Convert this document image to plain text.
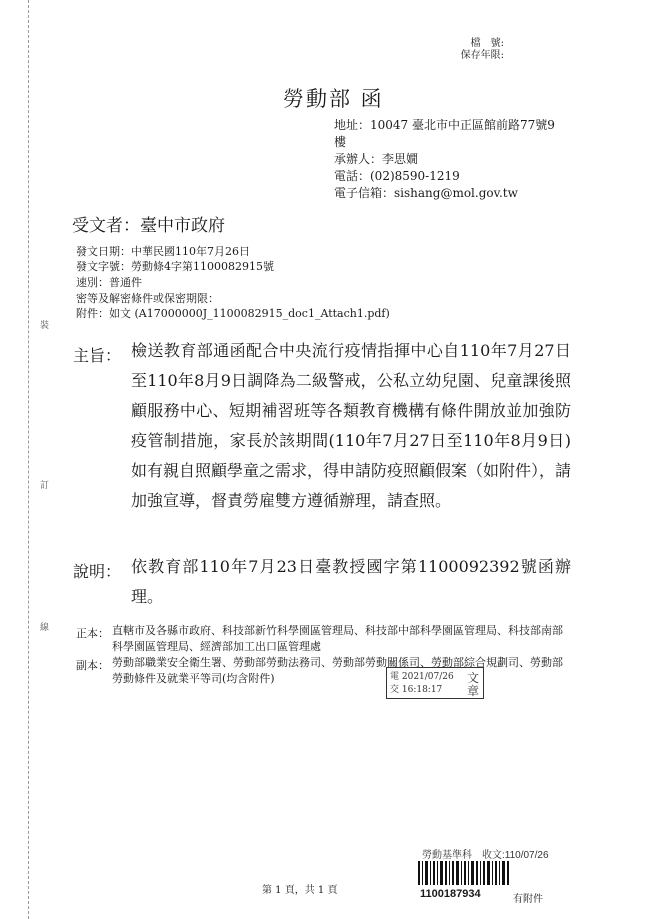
裝
訂
線
檔　號:
保存年限:
勞動部 函
地址：10047 臺北市中正區館前路77號9
樓
承辦人：李思嫺
電話：(02)8590-1219
電子信箱：sishang@mol.gov.tw
受文者：臺中市政府
發文日期：中華民國110年7月26日
發文字號：勞動條4字第1100082915號
速別：普通件
密等及解密條件或保密期限：
附件：如文 (A17000000J_1100082915_doc1_Attach1.pdf)
主旨： 檢送教育部通函配合中央流行疫情指揮中心自110年7月27日至110年8月9日調降為二級警戒，公私立幼兒園、兒童課後照顧服務中心、短期補習班等各類教育機構有條件開放並加強防疫管制措施，家長於該期間(110年7月27日至110年8月9日)如有親自照顧學童之需求，得申請防疫照顧假案（如附件），請加強宣導，督責勞雇雙方遵循辦理，請查照。
說明： 依教育部110年7月23日臺教授國字第1100092392號函辦理。
正本： 直轄市及各縣市政府、科技部新竹科學園區管理局、科技部中部科學園區管理局、科技部南部科學園區管理局、經濟部加工出口區管理處
副本： 勞動部職業安全衛生署、勞動部勞動法務司、勞動部勞動關係司、勞動部綜合規劃司、勞動部勞動條件及就業平等司(均含附件)	電 2021/07/26
交 16:18:17
文
章
第 1 頁，共 1 頁
勞動基準科　收文:110/07/26
1100187934	有附件
